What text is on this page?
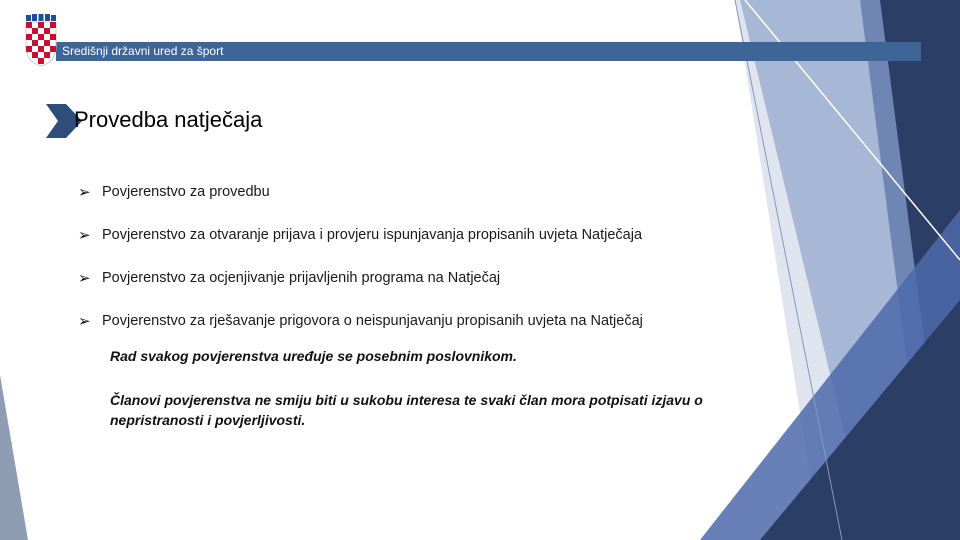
Središnji državni ured za šport
Provedba natječaja
➢ Povjerenstvo za provedbu
➢ Povjerenstvo za otvaranje prijava i provjeru ispunjavanja propisanih uvjeta Natječaja
➢ Povjerenstvo za ocjenjivanje prijavljenih programa na Natječaj
➢ Povjerenstvo za rješavanje prigovora o neispunjavanju propisanih uvjeta na Natječaj

Rad svakog povjerenstva uređuje se posebnim poslovnikom.

Članovi povjerenstva ne smiju biti u sukobu interesa te svaki član mora potpisati izjavu o nepristranosti i povjerljivosti.
